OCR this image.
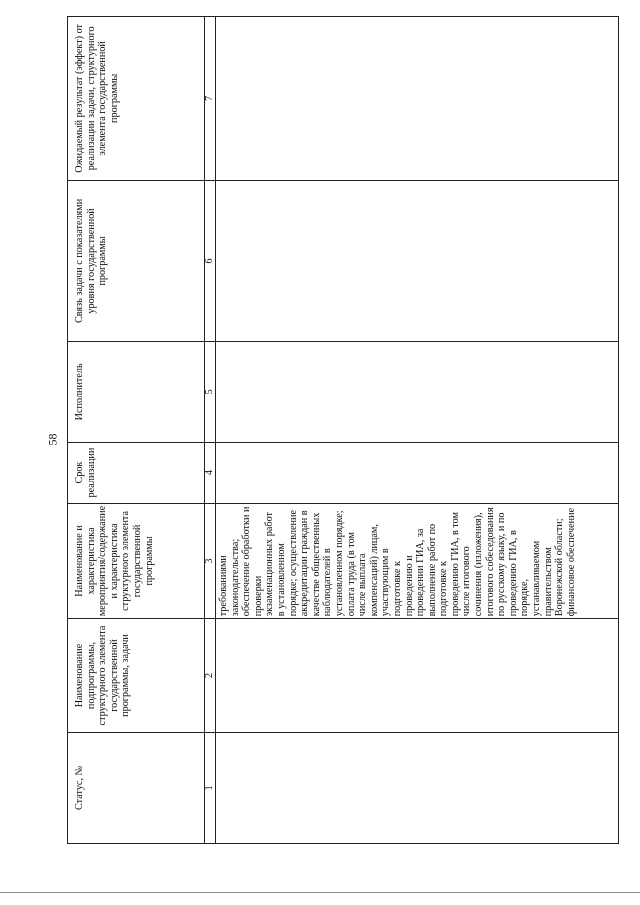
58
Статус, №	Наименование подпрограммы, структурного элемента государственной программы, задачи	Наименование и характеристика мероприятия/содержание и характеристика структурного элемента государственной программы	Срок реализации	Исполнитель	Связь задачи с показателями уровня государственной программы	Ожидаемый результат (эффект) от реализации задачи, структурного элемента государственной программы
1	2	3	4	5	6	7
		требованиями законодательства; обеспечение обработки и проверки экзаменационных работ в установленном порядке; осуществление аккредитации граждан в качестве общественных наблюдателей в установленном порядке; оплата труда (в том числе выплата компенсаций) лицам, участвующим в подготовке к проведению и проведении ГИА, за выполнение работ по подготовке к проведению ГИА, в том числе итогового сочинения (изложения), итогового собеседования по русскому языку, и по проведению ГИА, в порядке, устанавливаемом правительством Воронежской области; финансовое обеспечение				
